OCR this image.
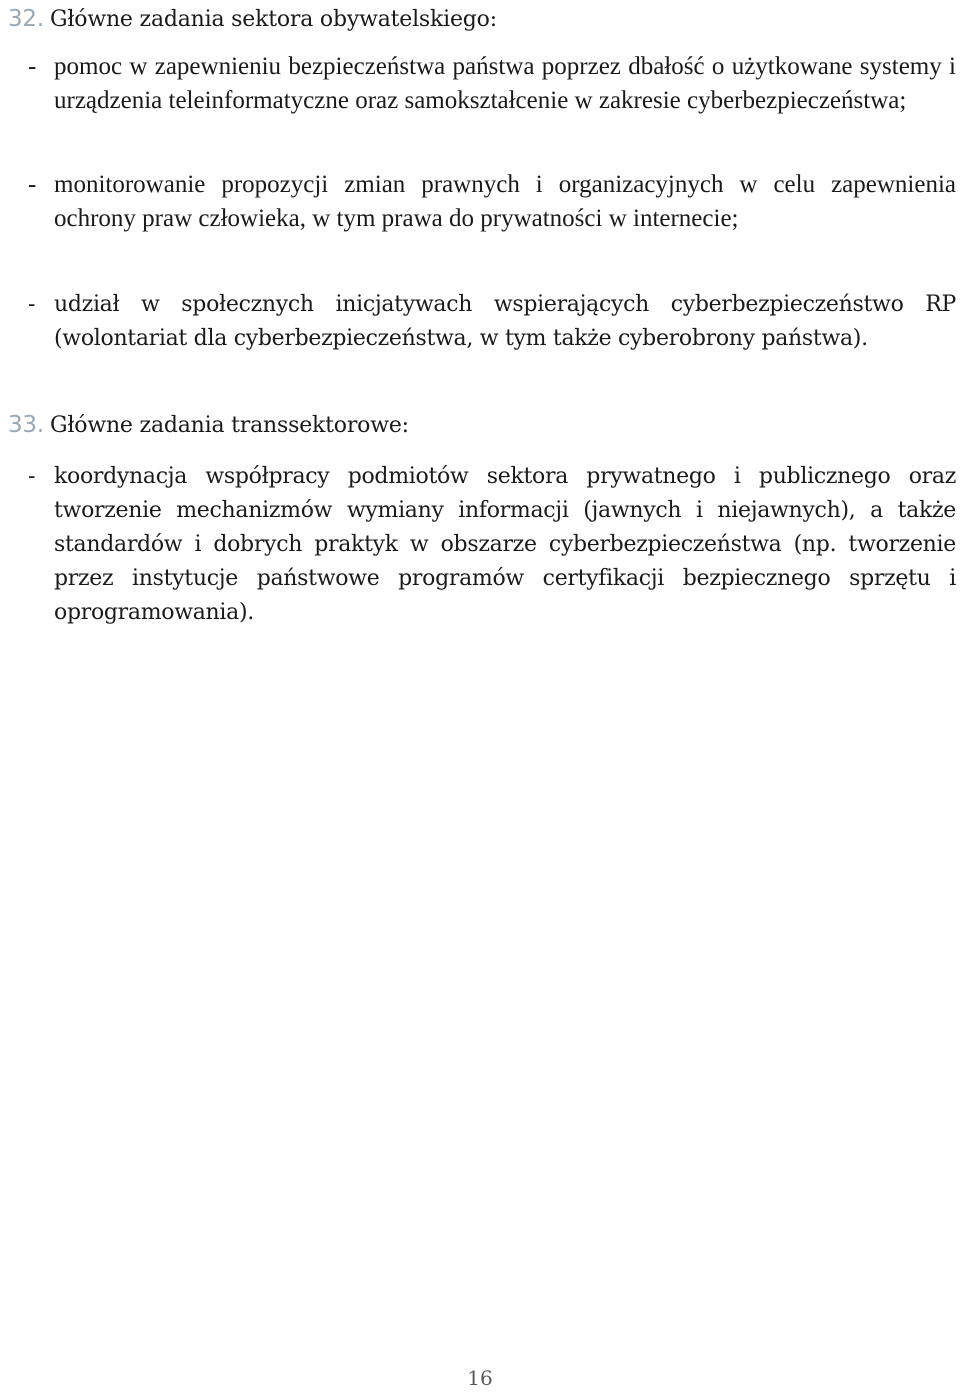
32. Główne zadania sektora obywatelskiego:
- pomoc w zapewnieniu bezpieczeństwa państwa poprzez dbałość o użytkowane systemy i urządzenia teleinformatyczne oraz samokształcenie w zakresie cyberbezpieczeństwa;
- monitorowanie propozycji zmian prawnych i organizacyjnych w celu zapewnienia ochrony praw człowieka, w tym prawa do prywatności w internecie;
- udział w społecznych inicjatywach wspierających cyberbezpieczeństwo RP (wolontariat dla cyberbezpieczeństwa, w tym także cyberobrony państwa).
33. Główne zadania transsektorowe:
- koordynacja współpracy podmiotów sektora prywatnego i publicznego oraz tworzenie mechanizmów wymiany informacji (jawnych i niejawnych), a także standardów i dobrych praktyk w obszarze cyberbezpieczeństwa (np. tworzenie przez instytucje państwowe programów certyfikacji bezpiecznego sprzętu i oprogramowania).
16
